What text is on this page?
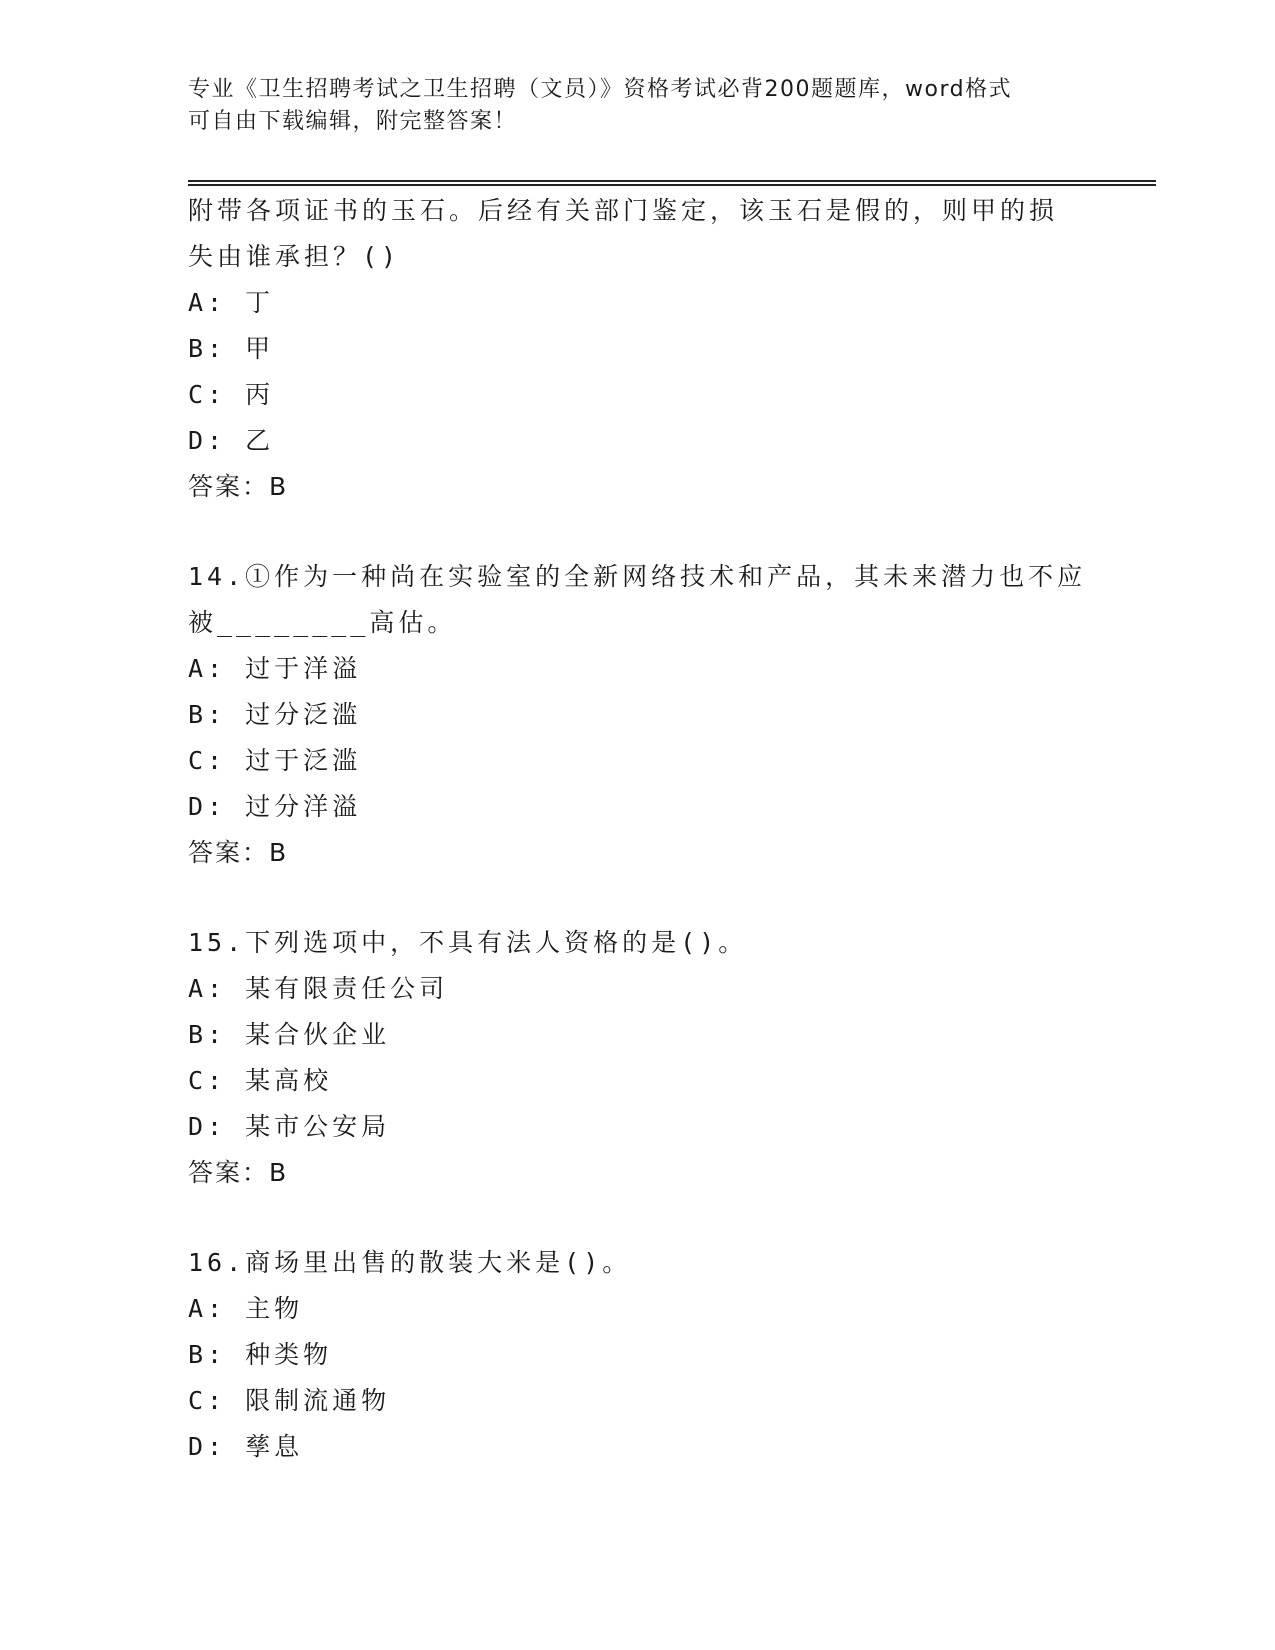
专业《卫生招聘考试之卫生招聘（文员）》资格考试必背200题题库，word格式
可自由下载编辑，附完整答案！
附带各项证书的玉石。后经有关部门鉴定，该玉石是假的，则甲的损
失由谁承担？()
A: 丁
B: 甲
C: 丙
D: 乙
答案：B
14.①作为一种尚在实验室的全新网络技术和产品，其未来潜力也不应
被________高估。
A: 过于洋溢
B: 过分泛滥
C: 过于泛滥
D: 过分洋溢
答案：B
15.下列选项中，不具有法人资格的是()。
A: 某有限责任公司
B: 某合伙企业
C: 某高校
D: 某市公安局
答案：B
16.商场里出售的散装大米是()。
A: 主物
B: 种类物
C: 限制流通物
D: 孳息
